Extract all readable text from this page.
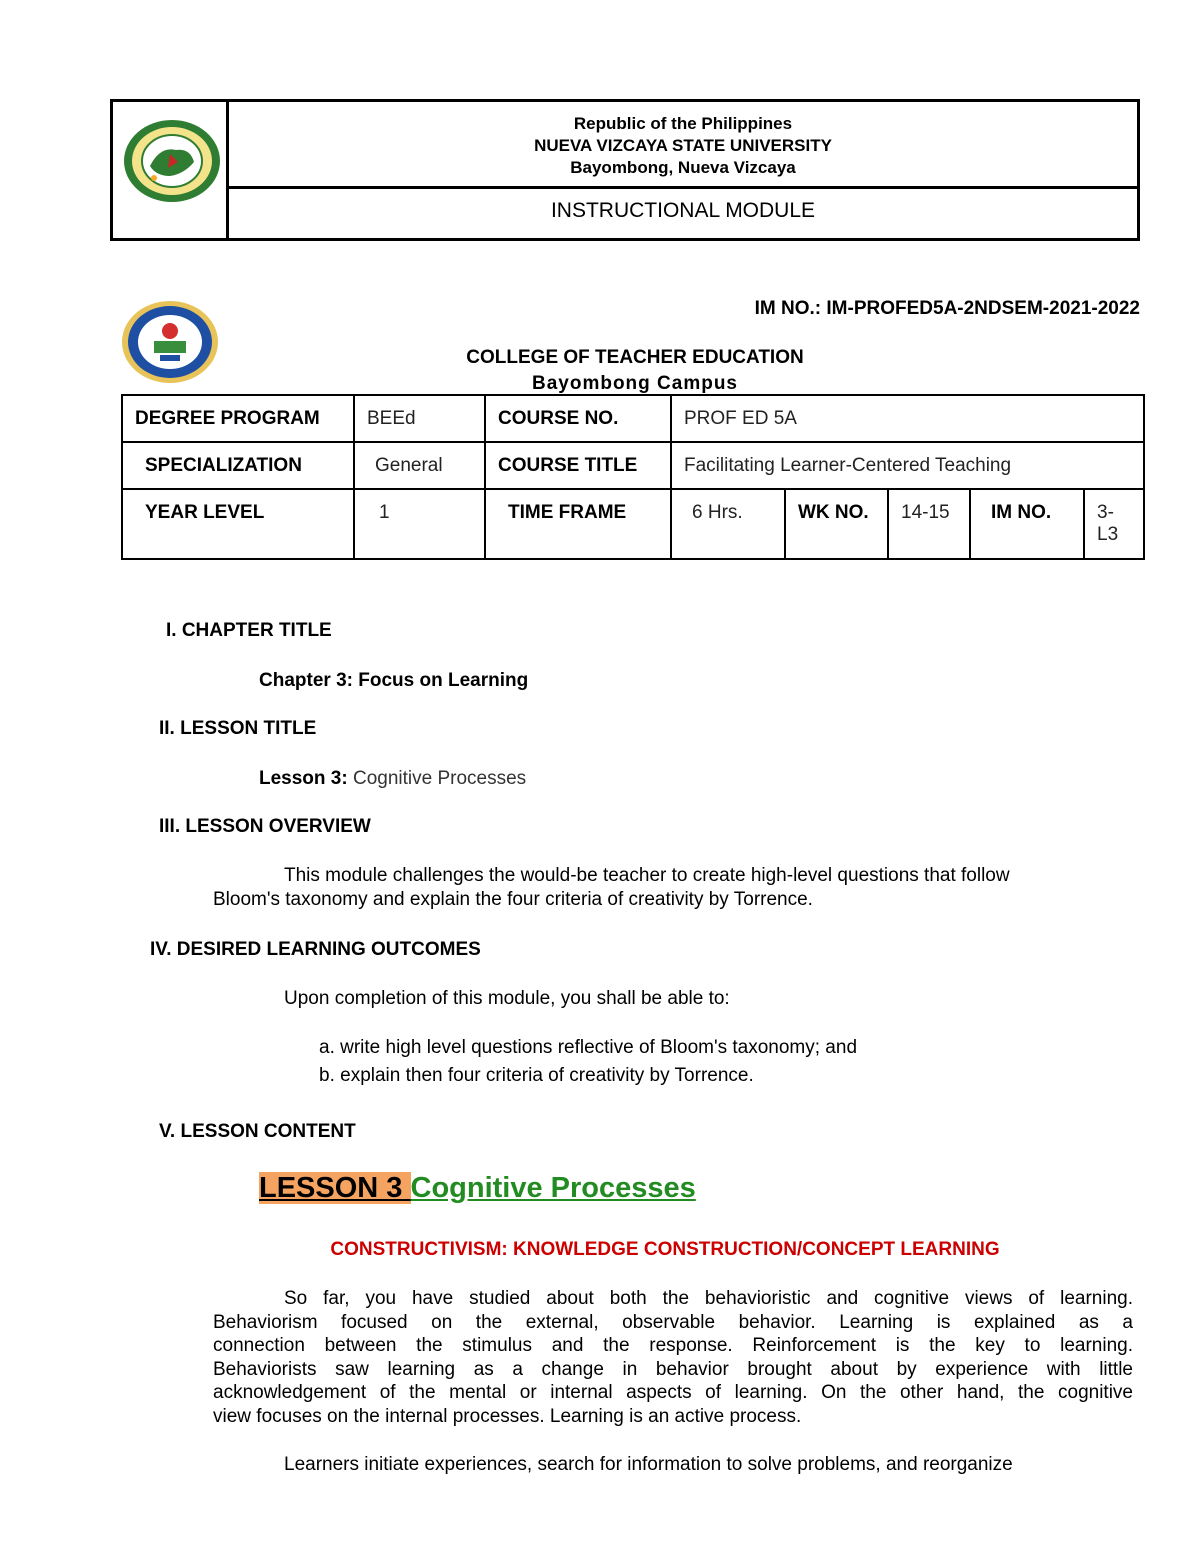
Republic of the Philippines
NUEVA VIZCAYA STATE UNIVERSITY
Bayombong, Nueva Vizcaya
INSTRUCTIONAL MODULE
IM NO.: IM-PROFED5A-2NDSEM-2021-2022
COLLEGE OF TEACHER EDUCATION
Bayombong Campus
DEGREE PROGRAM	BEEd	COURSE NO.	PROF ED 5A				
SPECIALIZATION	General	COURSE TITLE	Facilitating Learner-Centered Teaching				
YEAR LEVEL	1	TIME FRAME	6 Hrs.	WK NO.	14-15	IM NO.	3-
L3
I. CHAPTER TITLE
Chapter 3: Focus on Learning
II. LESSON TITLE
Lesson 3: Cognitive Processes
III. LESSON OVERVIEW
This module challenges the would-be teacher to create high-level questions that follow
Bloom's taxonomy and explain the four criteria of creativity by Torrence.
IV. DESIRED LEARNING OUTCOMES
Upon completion of this module, you shall be able to:
a. write high level questions reflective of Bloom's taxonomy; and
b. explain then four criteria of creativity by Torrence.
V. LESSON CONTENT
LESSON 3 Cognitive Processes
CONSTRUCTIVISM: KNOWLEDGE CONSTRUCTION/CONCEPT LEARNING
So far, you have studied about both the behavioristic and cognitive views of learning.
Behaviorism focused on the external, observable behavior. Learning is explained as a
connection between the stimulus and the response. Reinforcement is the key to learning.
Behaviorists saw learning as a change in behavior brought about by experience with little
acknowledgement of the mental or internal aspects of learning. On the other hand, the cognitive
view focuses on the internal processes. Learning is an active process.
Learners initiate experiences, search for information to solve problems, and reorganize
